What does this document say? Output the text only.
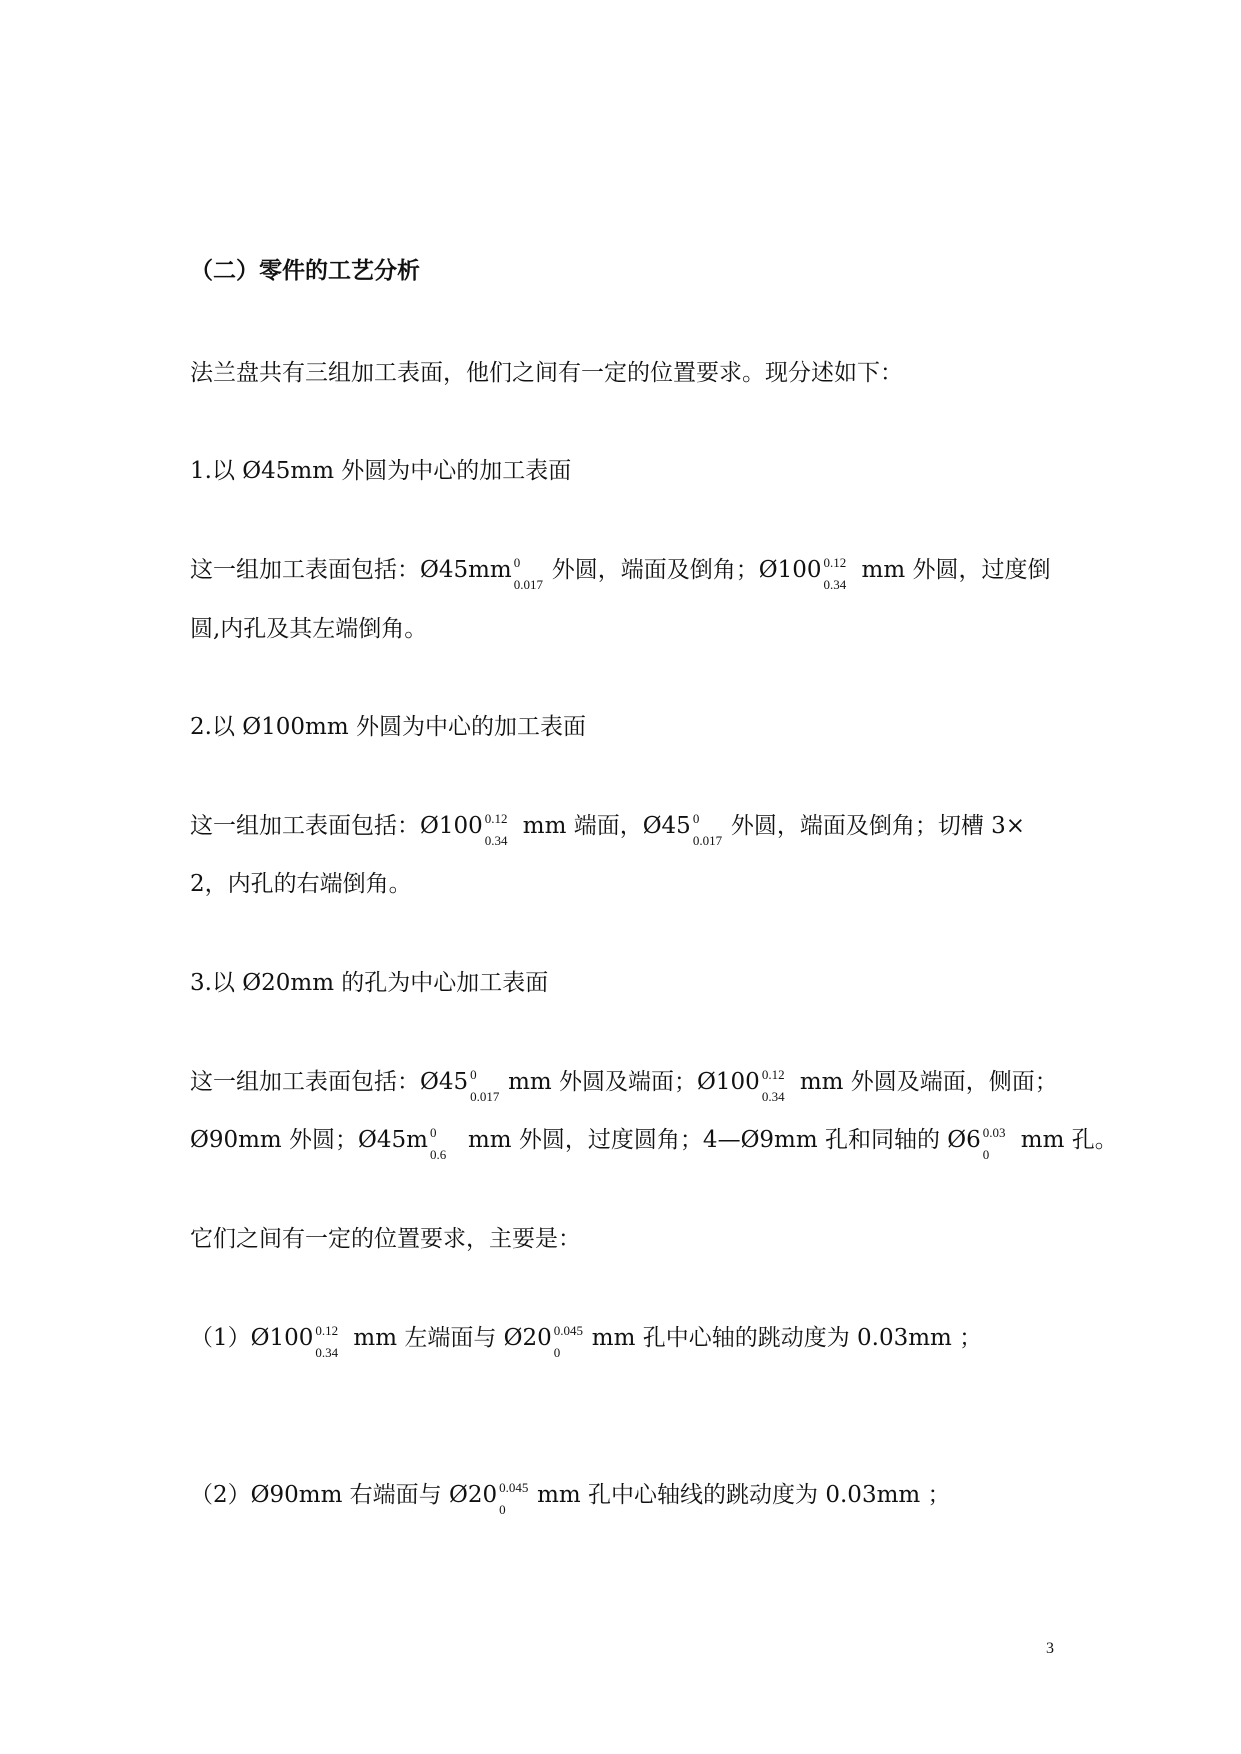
（二）零件的工艺分析
法兰盘共有三组加工表面，他们之间有一定的位置要求。现分述如下：
1.以 Ø45mm 外圆为中心的加工表面
这一组加工表面包括：Ø45mm 0
0.017
外圆，端面及倒角；Ø100 0.12
0.34
mm 外圆，过度倒
圆,内孔及其左端倒角。
2.以 Ø100mm 外圆为中心的加工表面
这一组加工表面包括：Ø100 0.12
0.34
mm 端面，Ø45 0
0.017
外圆，端面及倒角；切槽 3×
2，内孔的右端倒角。
3.以 Ø20mm 的孔为中心加工表面
这一组加工表面包括：Ø45 0
0.017
mm 外圆及端面；Ø100 0.12
0.34
mm 外圆及端面，侧面；
Ø90mm 外圆；Ø45m 0
0.6
mm 外圆，过度圆角；4—Ø9mm 孔和同轴的 Ø6 0.03
0
mm 孔。
它们之间有一定的位置要求，主要是：
（1）Ø100 0.12
0.34
mm 左端面与 Ø20 0.045
0
mm 孔中心轴的跳动度为 0.03mm ；
（2）Ø90mm 右端面与 Ø20 0.045
0
mm 孔中心轴线的跳动度为 0.03mm ；
3
